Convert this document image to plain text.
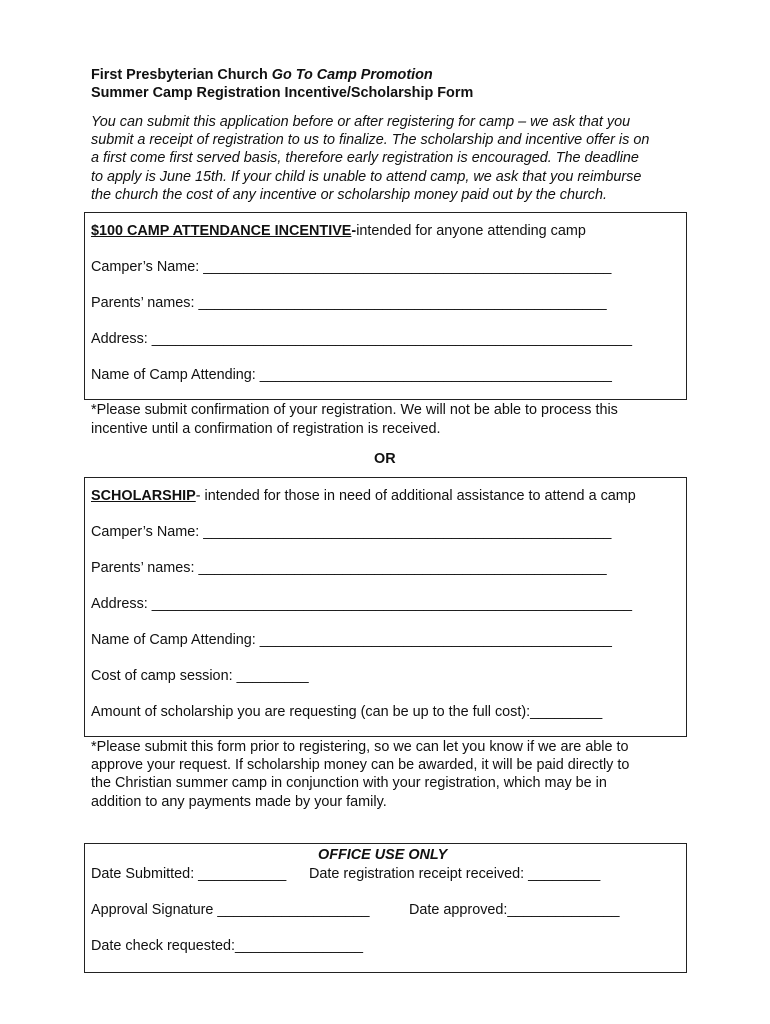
First Presbyterian Church Go To Camp Promotion
Summer Camp Registration Incentive/Scholarship Form
You can submit this application before or after registering for camp – we ask that you
submit a receipt of registration to us to finalize. The scholarship and incentive offer is on
a first come first served basis, therefore early registration is encouraged. The deadline
to apply is June 15th. If your child is unable to attend camp, we ask that you reimburse
the church the cost of any incentive or scholarship money paid out by the church.
$100 CAMP ATTENDANCE INCENTIVE-intended for anyone attending camp
Camper’s Name: ___________________________________________________
Parents’ names: ___________________________________________________
Address: ____________________________________________________________
Name of Camp Attending: ____________________________________________
*Please submit confirmation of your registration. We will not be able to process this
incentive until a confirmation of registration is received.
OR
SCHOLARSHIP- intended for those in need of additional assistance to attend a camp
Camper’s Name: ___________________________________________________
Parents’ names: ___________________________________________________
Address: ____________________________________________________________
Name of Camp Attending: ____________________________________________
Cost of camp session: _________
Amount of scholarship you are requesting (can be up to the full cost):_________
*Please submit this form prior to registering, so we can let you know if we are able to
approve your request. If scholarship money can be awarded, it will be paid directly to
the Christian summer camp in conjunction with your registration, which may be in
addition to any payments made by your family.
OFFICE USE ONLY
Date Submitted: ___________ Date registration receipt received: _________
Approval Signature ___________________	Date approved:______________
Date check requested:________________
